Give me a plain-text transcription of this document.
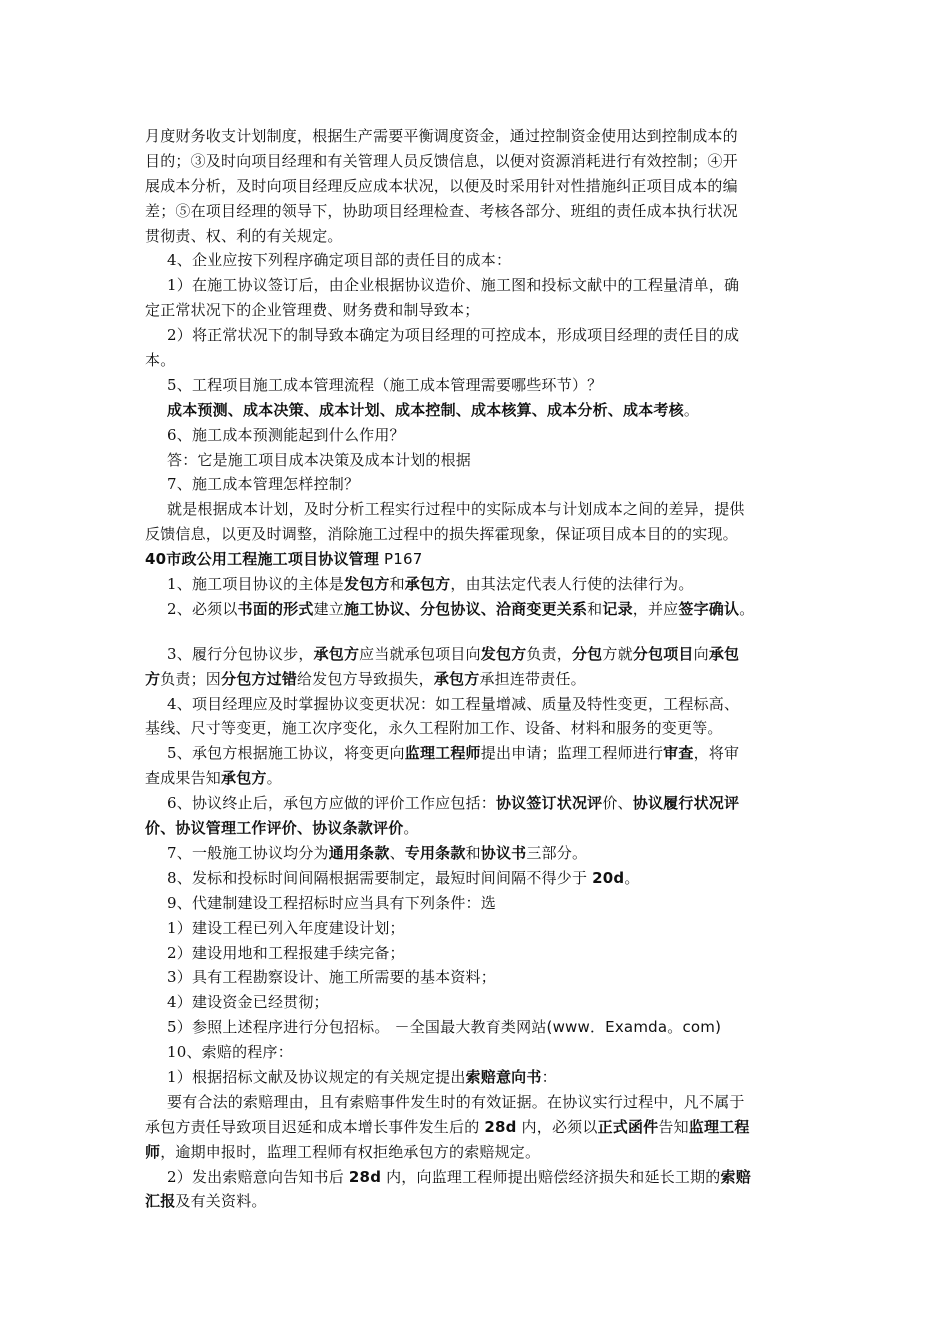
月度财务收支计划制度，根据生产需要平衡调度资金，通过控制资金使用达到控制成本的
目的；③及时向项目经理和有关管理人员反馈信息，以便对资源消耗进行有效控制；④开
展成本分析，及时向项目经理反应成本状况，以便及时采用针对性措施纠正项目成本的编
差；⑤在项目经理的领导下，协助项目经理检查、考核各部分、班组的责任成本执行状况
贯彻责、权、利的有关规定。
4、企业应按下列程序确定项目部的责任目的成本：
1）在施工协议签订后，由企业根据协议造价、施工图和投标文献中的工程量清单，确
定正常状况下的企业管理费、财务费和制导致本；
2）将正常状况下的制导致本确定为项目经理的可控成本，形成项目经理的责任目的成
本。
5、工程项目施工成本管理流程（施工成本管理需要哪些环节）？
成本预测、成本决策、成本计划、成本控制、成本核算、成本分析、成本考核。
6、施工成本预测能起到什么作用？
答：它是施工项目成本决策及成本计划的根据
7、施工成本管理怎样控制？
就是根据成本计划，及时分析工程实行过程中的实际成本与计划成本之间的差异，提供
反馈信息，以更及时调整，消除施工过程中的损失挥霍现象，保证项目成本目的的实现。
40市政公用工程施工项目协议管理 P167
1、施工项目协议的主体是发包方和承包方，由其法定代表人行使的法律行为。
2、必须以书面的形式建立施工协议、分包协议、洽商变更关系和记录，并应签字确认。
3、履行分包协议步，承包方应当就承包项目向发包方负责，分包方就分包项目向承包
方负责；因分包方过错给发包方导致损失，承包方承担连带责任。
4、项目经理应及时掌握协议变更状况：如工程量增减、质量及特性变更，工程标高、
基线、尺寸等变更，施工次序变化，永久工程附加工作、设备、材料和服务的变更等。
5、承包方根据施工协议，将变更向监理工程师提出申请；监理工程师进行审查，将审
查成果告知承包方。
6、协议终止后，承包方应做的评价工作应包括：协议签订状况评价、协议履行状况评
价、协议管理工作评价、协议条款评价。
7、一般施工协议均分为通用条款、专用条款和协议书三部分。
8、发标和投标时间间隔根据需要制定，最短时间间隔不得少于 20d。
9、代建制建设工程招标时应当具有下列条件：选
1）建设工程已列入年度建设计划；
2）建设用地和工程报建手续完备；
3）具有工程勘察设计、施工所需要的基本资料；
4）建设资金已经贯彻；
5）参照上述程序进行分包招标。 －全国最大教育类网站(www．Examda。com)
10、索赔的程序：
1）根据招标文献及协议规定的有关规定提出索赔意向书：
要有合法的索赔理由，且有索赔事件发生时的有效证据。在协议实行过程中，凡不属于
承包方责任导致项目迟延和成本增长事件发生后的 28d 内，必须以正式函件告知监理工程
师，逾期申报时，监理工程师有权拒绝承包方的索赔规定。
2）发出索赔意向告知书后 28d 内，向监理工程师提出赔偿经济损失和延长工期的索赔
汇报及有关资料。
